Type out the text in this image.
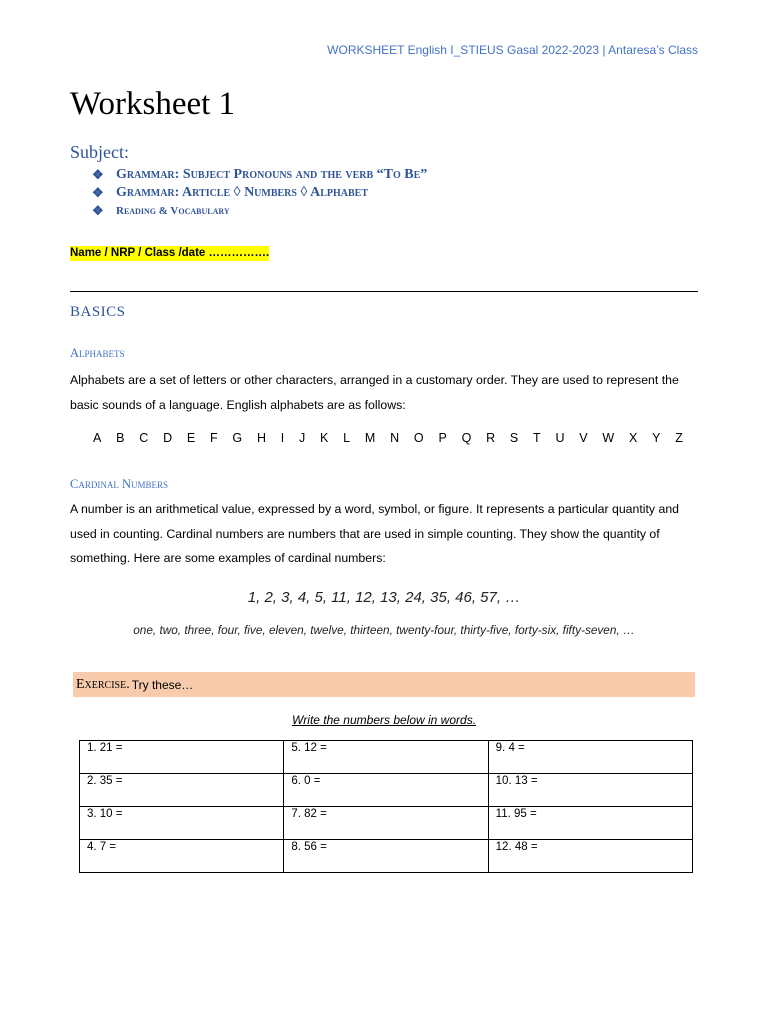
WORKSHEET English I_STIEUS Gasal 2022-2023 | Antaresa’s Class
Worksheet 1
Subject:
❖ Grammar: Subject Pronouns and the verb “To Be”
❖ Grammar: Article ◊ Numbers ◊ Alphabet
❖	Reading & Vocabulary
Name / NRP / Class /date …………….
BASICS
Alphabets

Alphabets are a set of letters or other characters, arranged in a customary order. They are used to represent the basic sounds of a language. English alphabets are as follows:

A B C D E F G H I J K L M N O P Q R S T U V W X Y Z
Cardinal Numbers

A number is an arithmetical value, expressed by a word, symbol, or figure. It represents a particular quantity and used in counting. Cardinal numbers are numbers that are used in simple counting. They show the quantity of something. Here are some examples of cardinal numbers:

1, 2, 3, 4, 5, 11, 12, 13, 24, 35, 46, 57, …
one, two, three, four, five, eleven, twelve, thirteen, twenty-four, thirty-five, forty-six, fifty-seven, …
Exercise. Try these…
Write the numbers below in words.
1. 21 =	5. 12 =	9. 4 =
2. 35 =	6. 0 =	10. 13 =
3. 10 =	7. 82 =	11. 95 =
4. 7 =	8. 56 =	12. 48 =
